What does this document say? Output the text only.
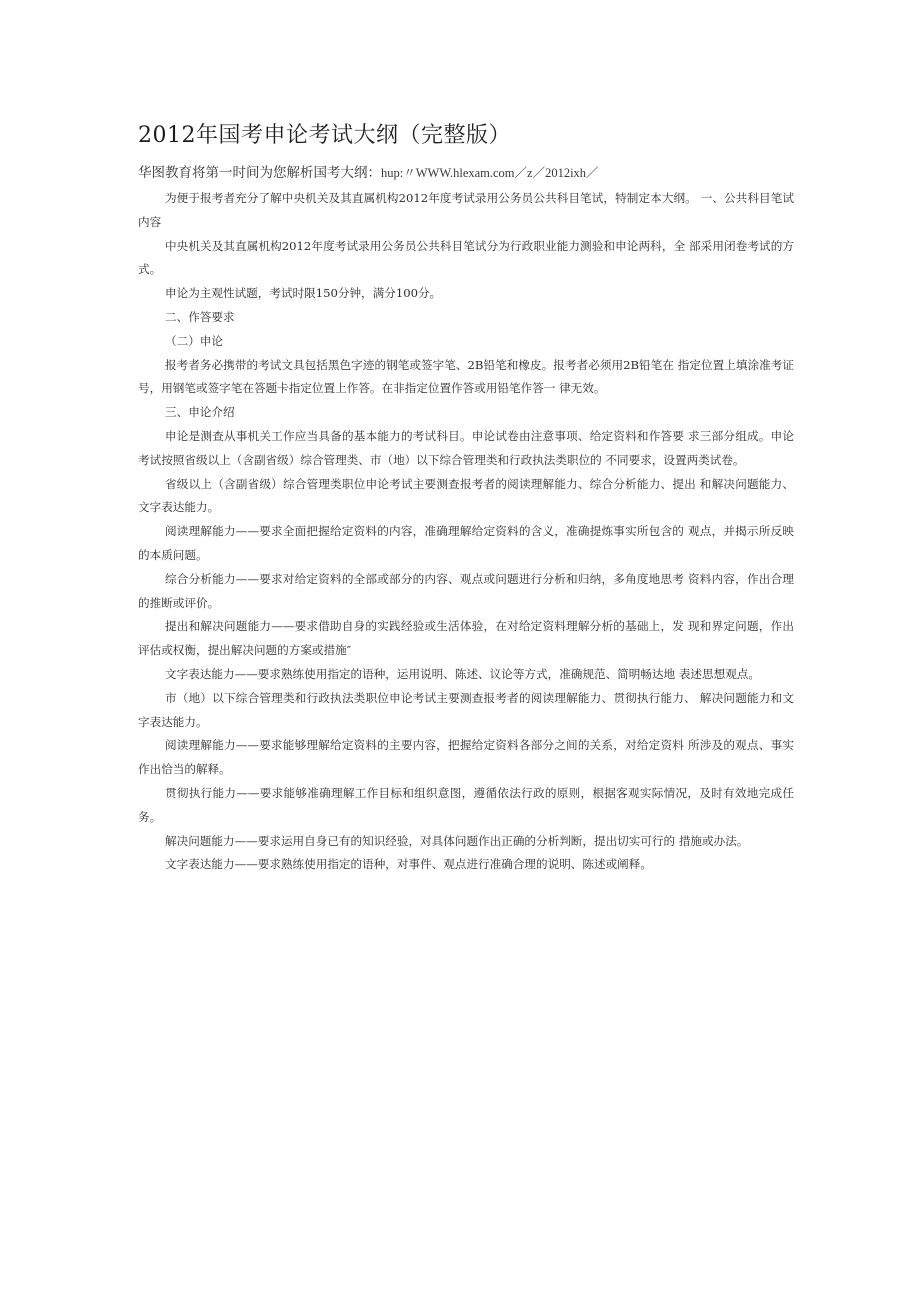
2012年国考申论考试大纲（完整版）

华图教育将第一时间为您解析国考大纲：hup:〃WWW.hlexam.com／z／2012ixh／

为便于报考者充分了解中央机关及其直属机构2012年度考试录用公务员公共科目笔试，特制定本大纲。 一、公共科目笔试内容

中央机关及其直属机构2012年度考试录用公务员公共科目笔试分为行政职业能力测验和申论两科，全 部采用闭卷考试的方式。

申论为主观性试题，考试时限150分钟，满分100分。

二、作答要求

（二）申论

报考者务必携带的考试文具包括黑色字迹的钢笔或签字笔、2B铅笔和橡皮。报考者必须用2B铅笔在 指定位置上填涂准考证号，用钢笔或签字笔在答题卡指定位置上作答。在非指定位置作答或用铅笔作答一 律无效。

三、申论介绍

申论是测查从事机关工作应当具备的基本能力的考试科目。申论试卷由注意事项、给定资料和作答要 求三部分组成。申论考试按照省级以上（含副省级）综合管理类、市（地）以下综合管理类和行政执法类职位的 不同要求，设置两类试卷。

省级以上（含副省级）综合管理类职位申论考试主要测查报考者的阅读理解能力、综合分析能力、提出 和解决问题能力、文字表达能力。

阅读理解能力——要求全面把握给定资料的内容，准确理解给定资料的含义，准确提炼事实所包含的 观点，并揭示所反映的本质问题。

综合分析能力——要求对给定资料的全部或部分的内容、观点或问题进行分析和归纳，多角度地思考 资料内容，作出合理的推断或评价。

提出和解决问题能力——要求借助自身的实践经验或生活体验，在对给定资料理解分析的基础上，发 现和界定问题，作出评估或权衡，提出解决问题的方案或措施″

文字表达能力——要求熟练使用指定的语种，运用说明、陈述、议论等方式，准确规范、简明畅达地 表述思想观点。

市（地）以下综合管理类和行政执法类职位申论考试主要测查报考者的阅读理解能力、贯彻执行能力、 解决问题能力和文字表达能力。

阅读理解能力——要求能够理解给定资料的主要内容，把握给定资料各部分之间的关系，对给定资料 所涉及的观点、事实作出恰当的解释。

贯彻执行能力——要求能够准确理解工作目标和组织意图，遵循依法行政的原则，根据客观实际情况，及时有效地完成任务。

解决问题能力——要求运用自身已有的知识经验，对具体问题作出正确的分析判断，提出切实可行的 措施或办法。

文字表达能力——要求熟练使用指定的语种，对事件、观点进行准确合理的说明、陈述或阐释。
